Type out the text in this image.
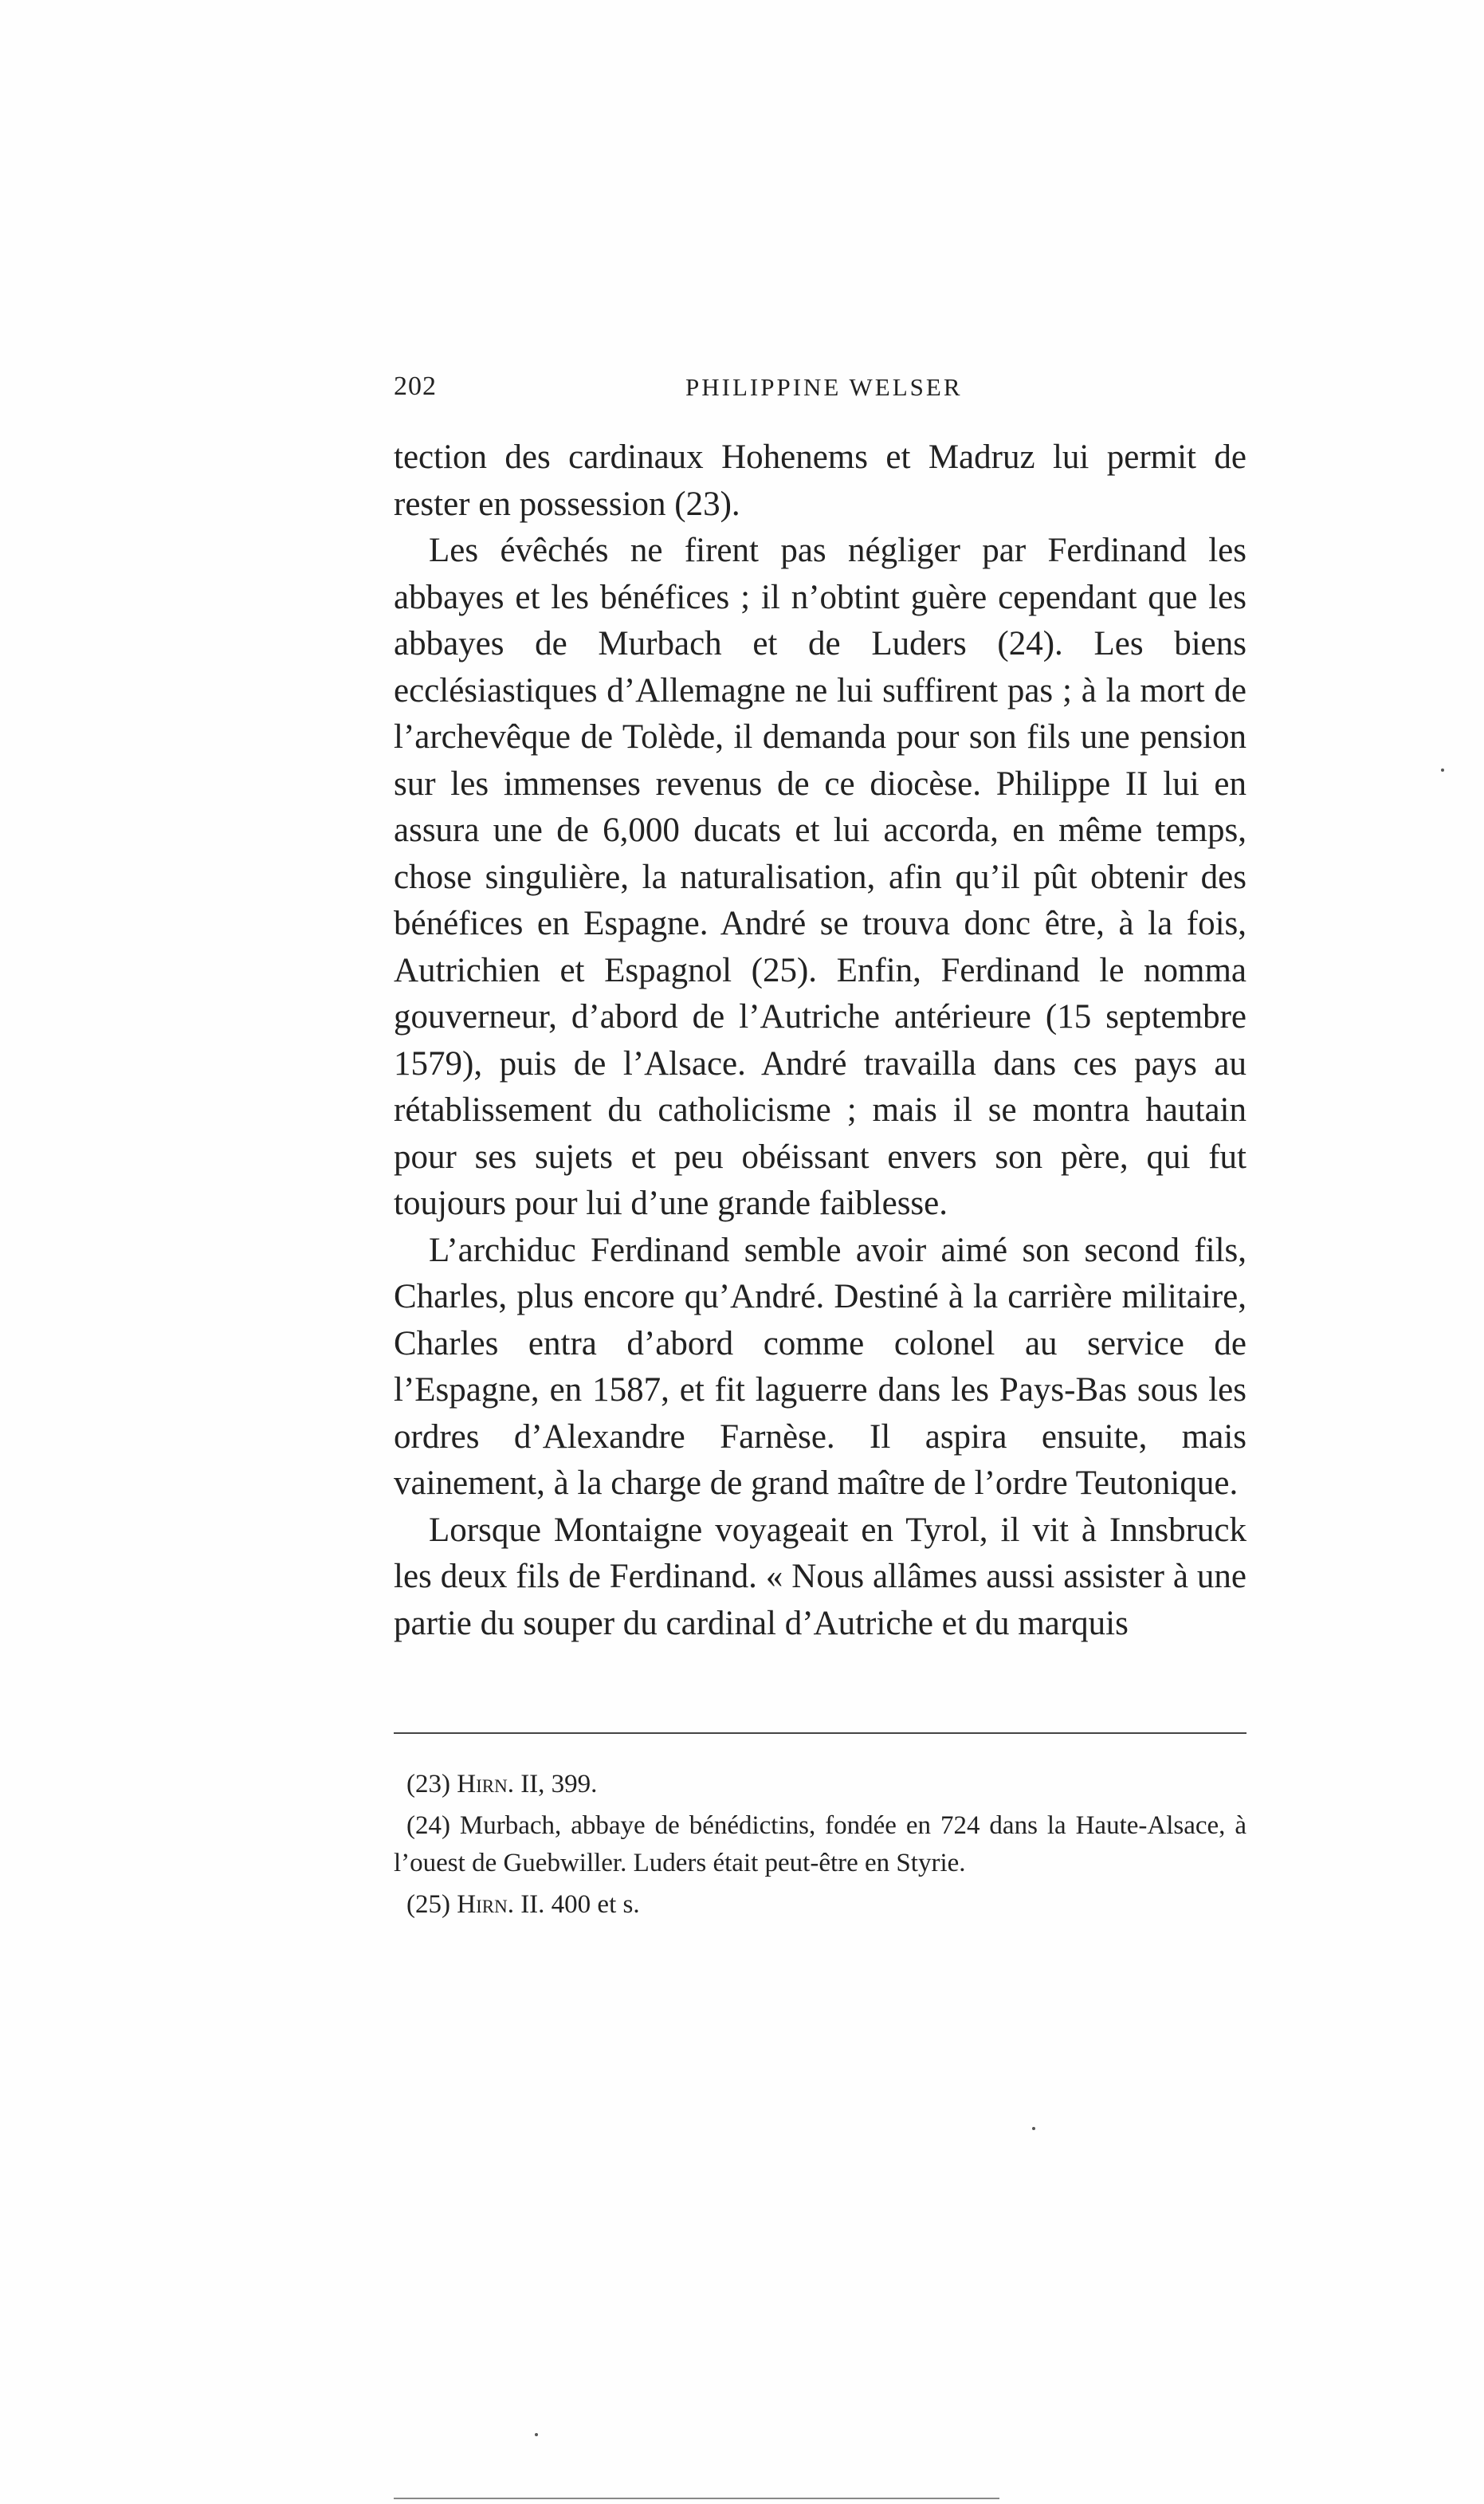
202	PHILIPPINE WELSER

tection des cardinaux Hohenems et Madruz lui permit de rester en possession (23).

Les évêchés ne firent pas négliger par Ferdinand les abbayes et les bénéfices ; il n’obtint guère cependant que les abbayes de Murbach et de Luders (24). Les biens ecclésiastiques d’Allemagne ne lui suffirent pas ; à la mort de l’archevêque de Tolède, il demanda pour son fils une pension sur les immenses revenus de ce diocèse. Philippe II lui en assura une de 6,000 ducats et lui accorda, en même temps, chose singulière, la naturalisation, afin qu’il pût obtenir des bénéfices en Espagne. André se trouva donc être, à la fois, Autrichien et Espagnol (25). Enfin, Ferdinand le nomma gouverneur, d’abord de l’Autriche antérieure (15 septembre 1579), puis de l’Alsace. André travailla dans ces pays au rétablissement du catholicisme ; mais il se montra hautain pour ses sujets et peu obéissant envers son père, qui fut toujours pour lui d’une grande faiblesse.

L’archiduc Ferdinand semble avoir aimé son second fils, Charles, plus encore qu’André. Destiné à la carrière militaire, Charles entra d’abord comme colonel au service de l’Espagne, en 1587, et fit laguerre dans les Pays-Bas sous les ordres d’Alexandre Farnèse. Il aspira ensuite, mais vainement, à la charge de grand maître de l’ordre Teutonique.

Lorsque Montaigne voyageait en Tyrol, il vit à Innsbruck les deux fils de Ferdinand. « Nous allâmes aussi assister à une partie du souper du cardinal d’Autriche et du marquis

(23) Hirn. II, 399.

(24) Murbach, abbaye de bénédictins, fondée en 724 dans la Haute-Alsace, à l’ouest de Guebwiller. Luders était peut-être en Styrie.

(25) Hirn. II. 400 et s.
